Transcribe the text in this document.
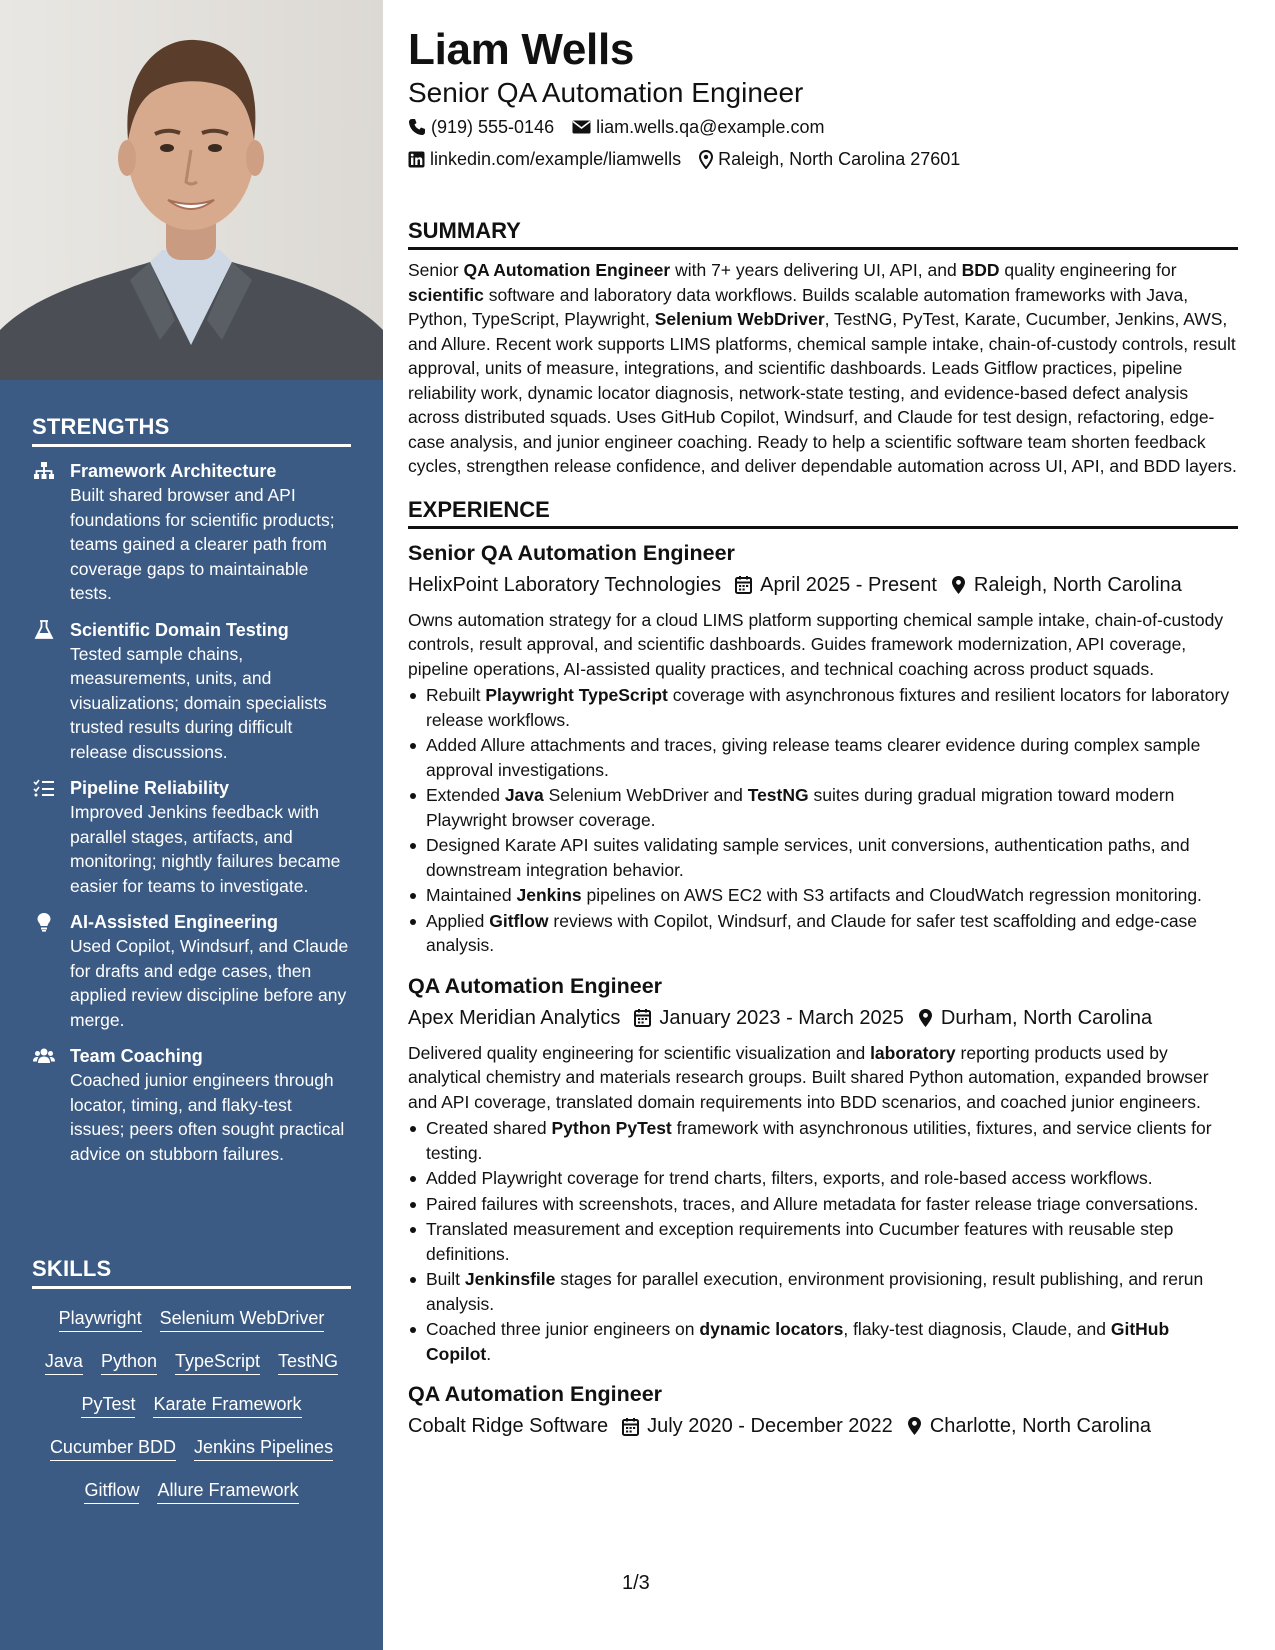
STRENGTHS
Framework Architecture
Built shared browser and API foundations for scientific products; teams gained a clearer path from coverage gaps to maintainable tests.
Scientific Domain Testing
Tested sample chains, measurements, units, and visualizations; domain specialists trusted results during difficult release discussions.
Pipeline Reliability
Improved Jenkins feedback with parallel stages, artifacts, and monitoring; nightly failures became easier for teams to investigate.
AI-Assisted Engineering
Used Copilot, Windsurf, and Claude for drafts and edge cases, then applied review discipline before any merge.
Team Coaching
Coached junior engineers through locator, timing, and flaky-test issues; peers often sought practical advice on stubborn failures.
SKILLS
Playwright Selenium WebDriver
Java Python TypeScript TestNG
PyTest Karate Framework
Cucumber BDD Jenkins Pipelines
Gitflow Allure Framework
Liam Wells
Senior QA Automation Engineer
(919) 555-0146 liam.wells.qa@example.com
linkedin.com/example/liamwells Raleigh, North Carolina 27601
SUMMARY

Senior QA Automation Engineer with 7+ years delivering UI, API, and BDD quality engineering for scientific software and laboratory data workflows. Builds scalable automation frameworks with Java, Python, TypeScript, Playwright, Selenium WebDriver, TestNG, PyTest, Karate, Cucumber, Jenkins, AWS, and Allure. Recent work supports LIMS platforms, chemical sample intake, chain-of-custody controls, result approval, units of measure, integrations, and scientific dashboards. Leads Gitflow practices, pipeline reliability work, dynamic locator diagnosis, network-state testing, and evidence-based defect analysis across distributed squads. Uses GitHub Copilot, Windsurf, and Claude for test design, refactoring, edge-case analysis, and junior engineer coaching. Ready to help a scientific software team shorten feedback cycles, strengthen release confidence, and deliver dependable automation across UI, API, and BDD layers.

EXPERIENCE
Senior QA Automation Engineer
HelixPoint Laboratory Technologies April 2025 - Present Raleigh, North Carolina

Owns automation strategy for a cloud LIMS platform supporting chemical sample intake, chain-of-custody controls, result approval, and scientific dashboards. Guides framework modernization, API coverage, pipeline operations, AI-assisted quality practices, and technical coaching across product squads.

Rebuilt Playwright TypeScript coverage with asynchronous fixtures and resilient locators for laboratory release workflows.
Added Allure attachments and traces, giving release teams clearer evidence during complex sample approval investigations.
Extended Java Selenium WebDriver and TestNG suites during gradual migration toward modern Playwright browser coverage.
Designed Karate API suites validating sample services, unit conversions, authentication paths, and downstream integration behavior.
Maintained Jenkins pipelines on AWS EC2 with S3 artifacts and CloudWatch regression monitoring.
Applied Gitflow reviews with Copilot, Windsurf, and Claude for safer test scaffolding and edge-case analysis.
QA Automation Engineer
Apex Meridian Analytics January 2023 - March 2025 Durham, North Carolina

Delivered quality engineering for scientific visualization and laboratory reporting products used by analytical chemistry and materials research groups. Built shared Python automation, expanded browser and API coverage, translated domain requirements into BDD scenarios, and coached junior engineers.

Created shared Python PyTest framework with asynchronous utilities, fixtures, and service clients for testing.
Added Playwright coverage for trend charts, filters, exports, and role-based access workflows.
Paired failures with screenshots, traces, and Allure metadata for faster release triage conversations.
Translated measurement and exception requirements into Cucumber features with reusable step definitions.
Built Jenkinsfile stages for parallel execution, environment provisioning, result publishing, and rerun analysis.
Coached three junior engineers on dynamic locators, flaky-test diagnosis, Claude, and GitHub Copilot.
QA Automation Engineer
Cobalt Ridge Software July 2020 - December 2022 Charlotte, North Carolina
1/3
